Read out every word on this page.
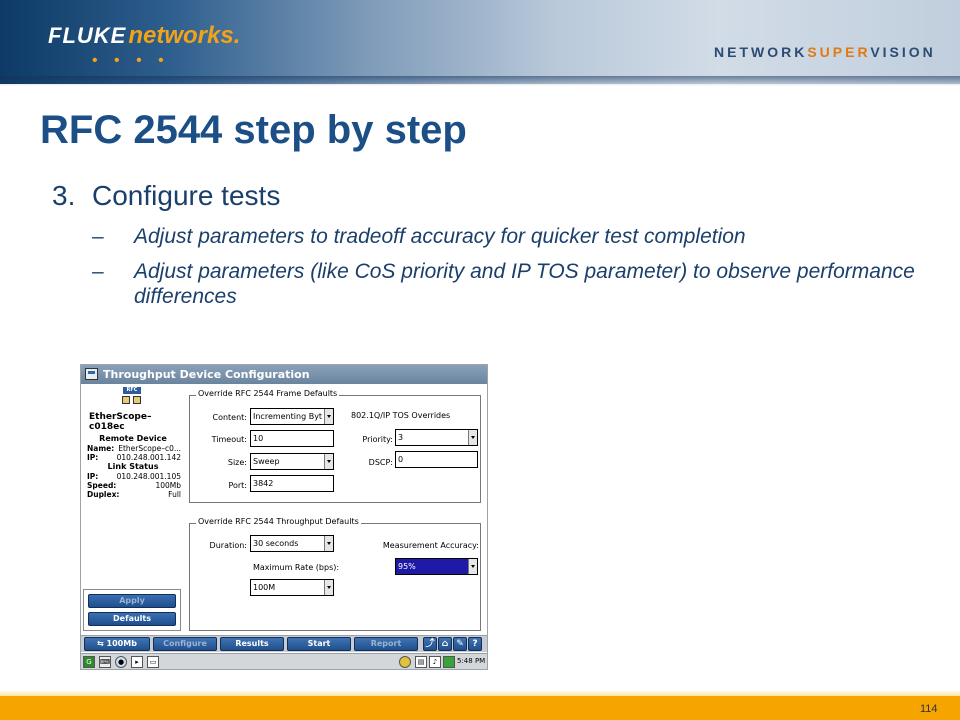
FLUKEnetworks.
• • • •	NETWORKSUPERVISION
RFC 2544 step by step
3. Configure tests
– Adjust parameters to tradeoff accuracy for quicker test completion
– Adjust parameters (like CoS priority and IP TOS parameter) to observe performance differences
Throughput Device Configuration
RFC
EtherScope–c018ec
Remote Device
Name: EtherScope–c0...
IP: 010.248.001.142
Link Status
IP: 010.248.001.105
Speed:	100Mb
Duplex:	Full
Override RFC 2544 Frame Defaults
Content: Incrementing Byt
Timeout: 10
Size: Sweep
Port: 3842
802.1Q/IP TOS Overrides
Priority: 3
DSCP: 0
Override RFC 2544 Throughput Defaults
Duration: 30 seconds	Measurement Accuracy:
95%
Maximum Rate (bps):
100M
Apply
Defaults
⇆ 100Mb	Configure	Results	Start	Report	⤴ ⌂ ✎ ?
G	⌨	●	▸	▭	▤	♪	5:48 PM
114
